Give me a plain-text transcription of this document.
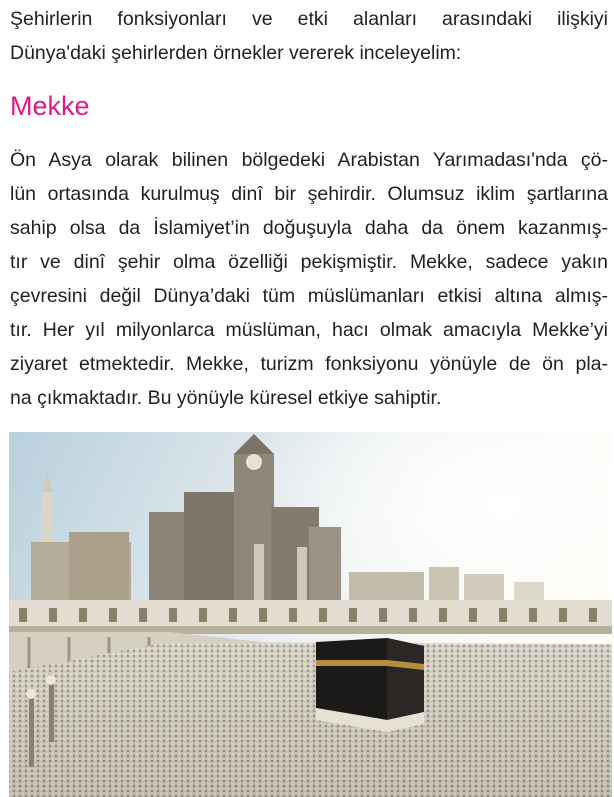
Şehirlerin fonksiyonları ve etki alanları arasındaki ilişkiyi
Dünya'daki şehirlerden örnekler vererek inceleyelim:
Mekke
Ön Asya olarak bilinen bölgedeki Arabistan Yarımadası'nda çö-
lün ortasında kurulmuş dinî bir şehirdir. Olumsuz iklim şartlarına
sahip olsa da İslamiyet’in doğuşuyla daha da önem kazanmış-
tır ve dinî şehir olma özelliği pekişmiştir. Mekke, sadece yakın
çevresini değil Dünya’daki tüm müslümanları etkisi altına almış-
tır. Her yıl milyonlarca müslüman, hacı olmak amacıyla Mekke’yi
ziyaret etmektedir. Mekke, turizm fonksiyonu yönüyle de ön pla-
na çıkmaktadır. Bu yönüyle küresel etkiye sahiptir.
